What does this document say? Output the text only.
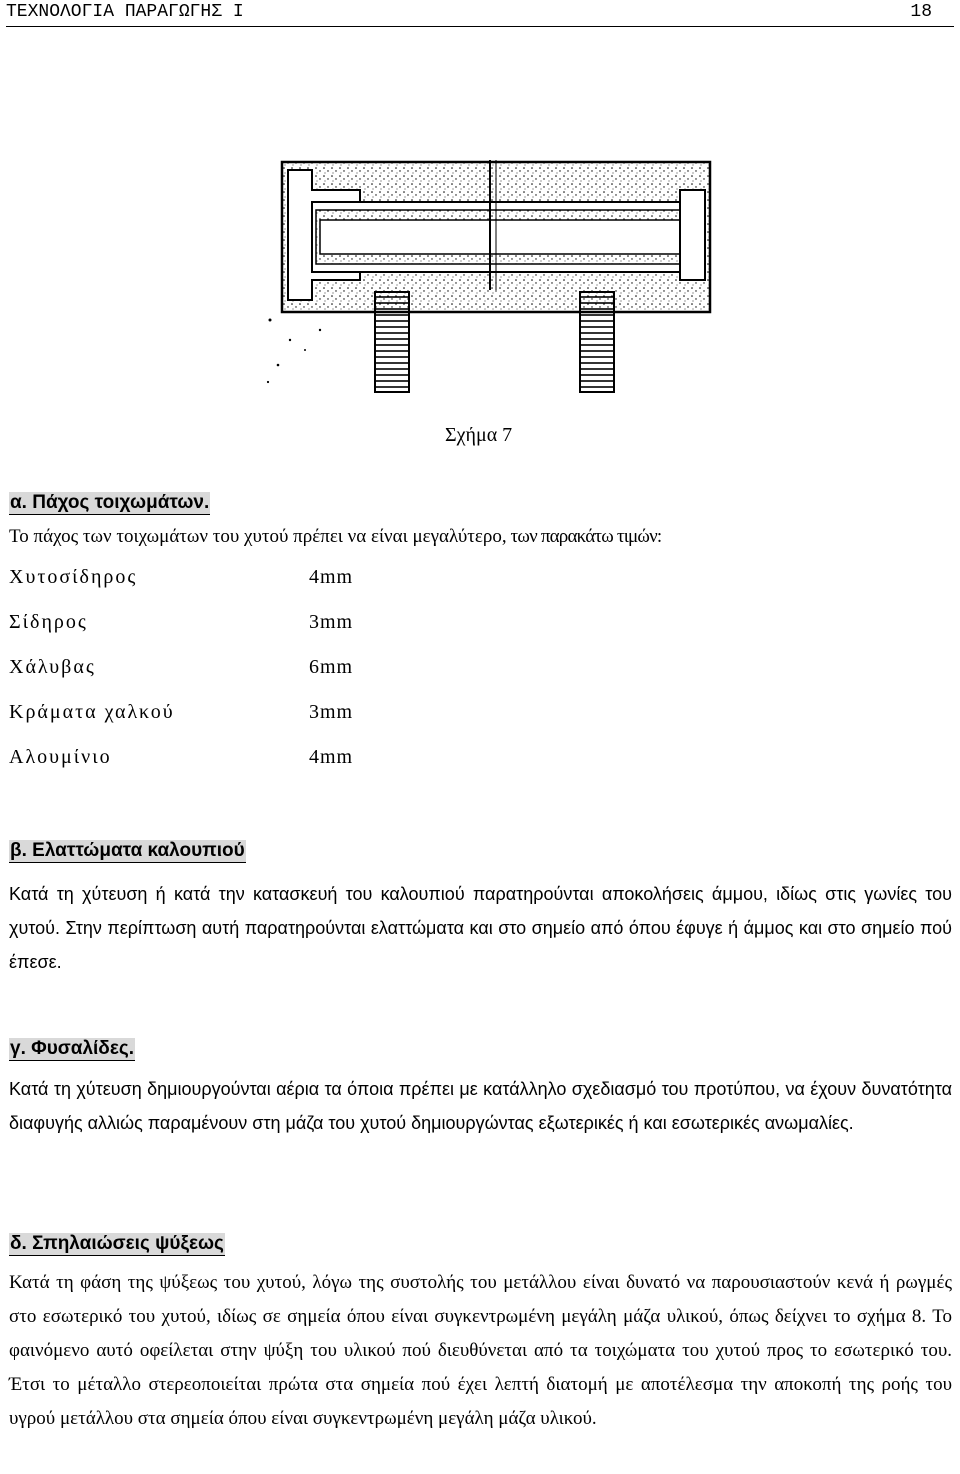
ΤΕΧΝΟΛΟΓΙΑ ΠΑΡΑΓΩΓΗΣ Ι	18
Σχήμα 7
α. Πάχος τοιχωμάτων.
Το πάχος των τοιχωμάτων του χυτού πρέπει να είναι μεγαλύτερο, των παρακάτω τιμών:
Χυτοσίδηρος	4mm
Σίδηρος	3mm
Χάλυβας	6mm
Κράματα χαλκού	3mm
Αλουμίνιο	4mm
β. Ελαττώματα καλουπιού
Κατά τη χύτευση ή κατά την κατασκευή του καλουπιού παρατηρούνται αποκολήσεις άμμου, ιδίως στις γωνίες του χυτού. Στην περίπτωση αυτή παρατηρούνται ελαττώματα και στο σημείο από όπου έφυγε ή άμμος και στο σημείο πού έπεσε.
γ. Φυσαλίδες.
Κατά τη χύτευση δημιουργούνται αέρια τα όποια πρέπει με κατάλληλο σχεδιασμό του προτύπου, να έχουν δυνατότητα διαφυγής αλλιώς παραμένουν στη μάζα του χυτού δημιουργώντας εξωτερικές ή και εσωτερικές ανωμαλίες.
δ. Σπηλαιώσεις ψύξεως
Κατά τη φάση της ψύξεως του χυτού, λόγω της συστολής του μετάλλου είναι δυνατό να παρουσιαστούν κενά ή ρωγμές στο εσωτερικό του χυτού, ιδίως σε σημεία όπου είναι συγκεντρωμένη μεγάλη μάζα υλικού, όπως δείχνει το σχήμα 8. Το φαινόμενο αυτό οφείλεται στην ψύξη του υλικού πού διευθύνεται από τα τοιχώματα του χυτού προς το εσωτερικό του. Έτσι το μέταλλο στερεοποιείται πρώτα στα σημεία πού έχει λεπτή διατομή με αποτέλεσμα την αποκοπή της ροής του υγρού μετάλλου στα σημεία όπου είναι συγκεντρωμένη μεγάλη μάζα υλικού.
